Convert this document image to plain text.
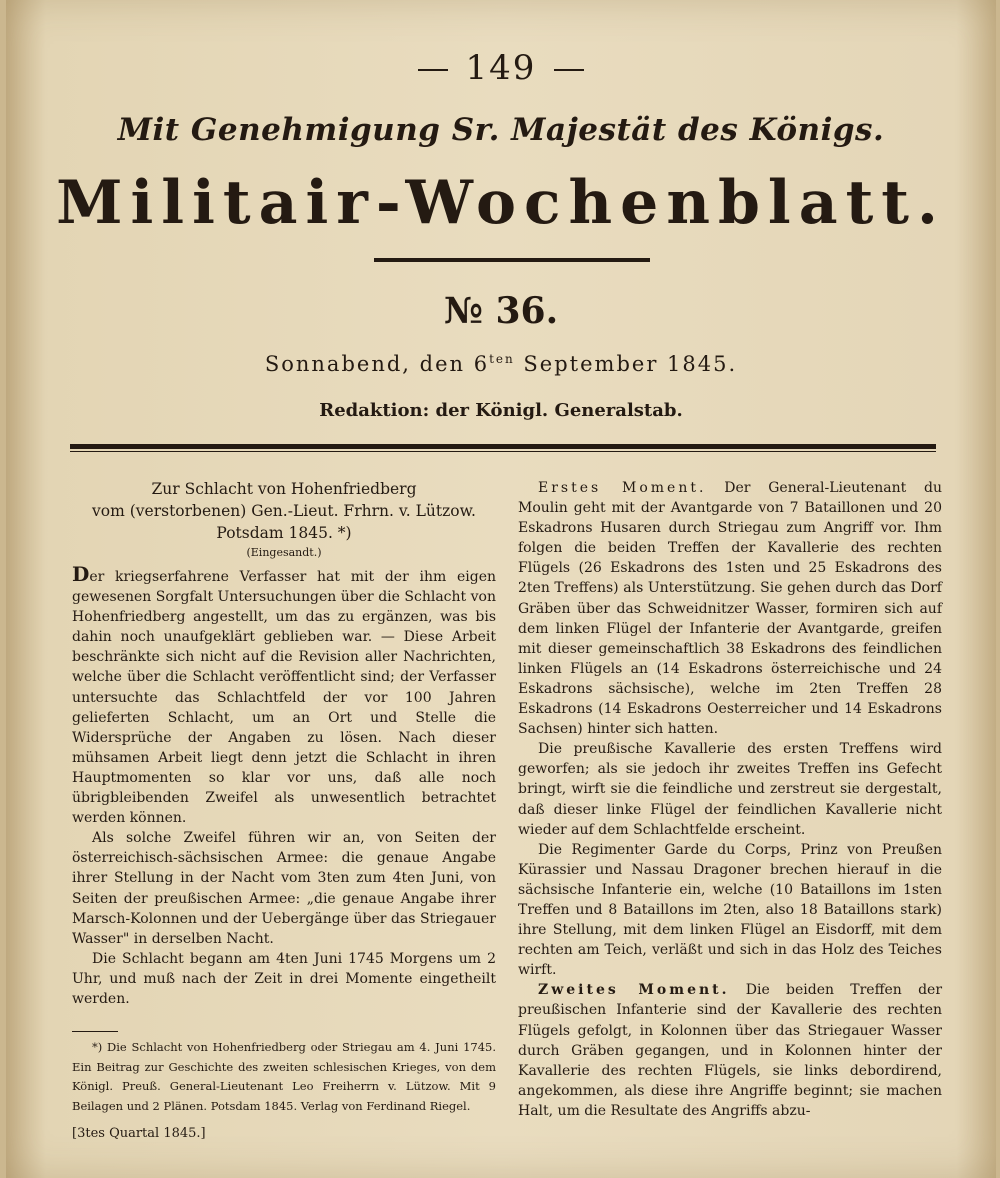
149
Mit Genehmigung Sr. Majestät des Königs.
Militair-Wochenblatt.
№ 36.
Sonnabend, den $6^{ten}$ September 1845.
Redaktion: der Königl. Generalstab.
Zur Schlacht von Hohenfriedberg
vom (verstorbenen) Gen.-Lieut. Frhrn. v. Lützow.
Potsdam 1845. *)
(Eingesandt.)

Der kriegserfahrene Verfasser hat mit der ihm eigen gewesenen Sorgfalt Untersuchungen über die Schlacht von Hohenfriedberg angestellt, um das zu ergänzen, was bis dahin noch unaufgeklärt geblieben war. — Diese Arbeit beschränkte sich nicht auf die Revision aller Nachrichten, welche über die Schlacht veröffentlicht sind; der Verfasser untersuchte das Schlachtfeld der vor 100 Jahren gelieferten Schlacht, um an Ort und Stelle die Widersprüche der Angaben zu lösen. Nach dieser mühsamen Arbeit liegt denn jetzt die Schlacht in ihren Hauptmomenten so klar vor uns, daß alle noch übrigbleibenden Zweifel als unwesentlich betrachtet werden können.

Als solche Zweifel führen wir an, von Seiten der österreichisch-sächsischen Armee: die genaue Angabe ihrer Stellung in der Nacht vom 3ten zum 4ten Juni, von Seiten der preußischen Armee: „die genaue Angabe ihrer Marsch-Kolonnen und der Uebergänge über das Striegauer Wasser" in derselben Nacht.

Die Schlacht begann am 4ten Juni 1745 Morgens um 2 Uhr, und muß nach der Zeit in drei Momente eingetheilt werden.

*) Die Schlacht von Hohenfriedberg oder Striegau am 4. Juni 1745. Ein Beitrag zur Geschichte des zweiten schlesischen Krieges, von dem Königl. Preuß. General-Lieutenant Leo Freiherrn v. Lützow. Mit 9 Beilagen und 2 Plänen. Potsdam 1845. Verlag von Ferdinand Riegel.

[3tes Quartal 1845.]

Erstes Moment. Der General-Lieutenant du Moulin geht mit der Avantgarde von 7 Bataillonen und 20 Eskadrons Husaren durch Striegau zum Angriff vor. Ihm folgen die beiden Treffen der Kavallerie des rechten Flügels (26 Eskadrons des 1sten und 25 Eskadrons des 2ten Treffens) als Unterstützung. Sie gehen durch das Dorf Gräben über das Schweidnitzer Wasser, formiren sich auf dem linken Flügel der Infanterie der Avantgarde, greifen mit dieser gemeinschaftlich 38 Eskadrons des feindlichen linken Flügels an (14 Eskadrons österreichische und 24 Eskadrons sächsische), welche im 2ten Treffen 28 Eskadrons (14 Eskadrons Oesterreicher und 14 Eskadrons Sachsen) hinter sich hatten.

Die preußische Kavallerie des ersten Treffens wird geworfen; als sie jedoch ihr zweites Treffen ins Gefecht bringt, wirft sie die feindliche und zerstreut sie dergestalt, daß dieser linke Flügel der feindlichen Kavallerie nicht wieder auf dem Schlachtfelde erscheint.

Die Regimenter Garde du Corps, Prinz von Preußen Kürassier und Nassau Dragoner brechen hierauf in die sächsische Infanterie ein, welche (10 Bataillons im 1sten Treffen und 8 Bataillons im 2ten, also 18 Bataillons stark) ihre Stellung, mit dem linken Flügel an Eisdorff, mit dem rechten am Teich, verläßt und sich in das Holz des Teiches wirft.

Zweites Moment. Die beiden Treffen der preußischen Infanterie sind der Kavallerie des rechten Flügels gefolgt, in Kolonnen über das Striegauer Wasser durch Gräben gegangen, und in Kolonnen hinter der Kavallerie des rechten Flügels, sie links debordirend, angekommen, als diese ihre Angriffe beginnt; sie machen Halt, um die Resultate des Angriffs abzu-
